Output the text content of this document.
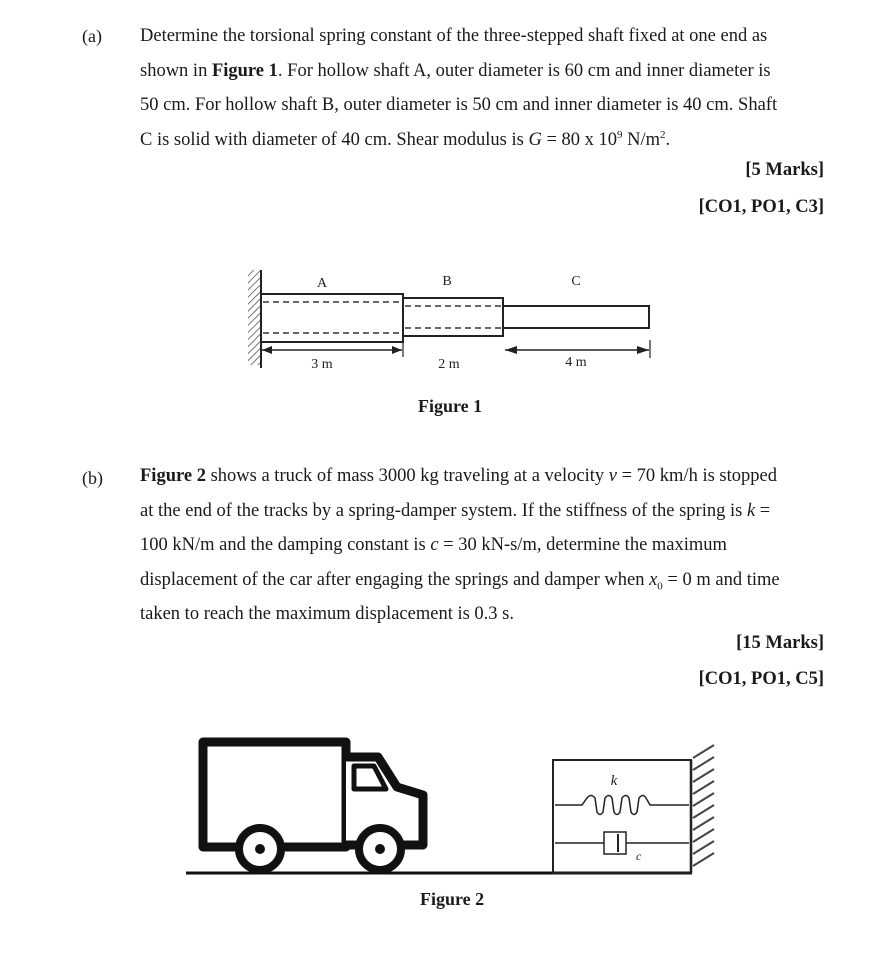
(a) Determine the torsional spring constant of the three-stepped shaft fixed at one end as
shown in Figure 1. For hollow shaft A, outer diameter is 60 cm and inner diameter is
50 cm. For hollow shaft B, outer diameter is 50 cm and inner diameter is 40 cm. Shaft
C is solid with diameter of 40 cm. Shear modulus is G = 80 x $10^9$ $N/m^2$.
[5 Marks]
[CO1, PO1, C3]
A	B	C
3 m	2 m	4 m
Figure 1
(b) Figure 2 shows a truck of mass 3000 kg traveling at a velocity v = 70 km/h is stopped
at the end of the tracks by a spring-damper system. If the stiffness of the spring is k =
100 kN/m and the damping constant is c = 30 kN-s/m, determine the maximum
displacement of the car after engaging the springs and damper when $x_0 = 0$ m and time
taken to reach the maximum displacement is 0.3 s.
[15 Marks]
[CO1, PO1, C5]
k
c
Figure 2
